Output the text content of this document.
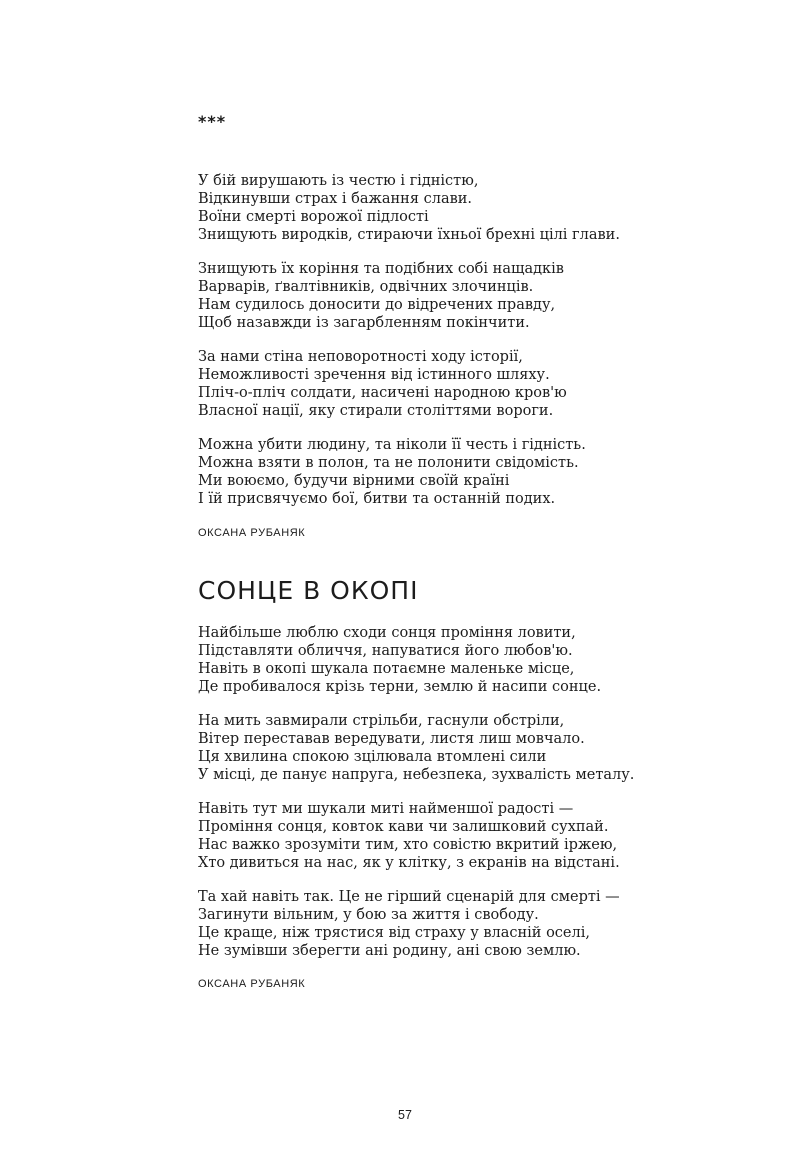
***
У бій вирушають із честю і гідністю,
Відкинувши страх і бажання слави.
Воїни смерті ворожої підлості
Знищують виродків, стираючи їхньої брехні цілі глави.
Знищують їх коріння та подібних собі нащадків
Варварів, ґвалтівників, одвічних злочинців.
Нам судилось доносити до відречених правду,
Щоб назавжди із загарбленням покінчити.
За нами стіна неповоротності ходу історії,
Неможливості зречення від істинного шляху.
Пліч-о-пліч солдати, насичені народною кров'ю
Власної нації, яку стирали століттями вороги.
Можна убити людину, та ніколи її честь і гідність.
Можна взяти в полон, та не полонити свідомість.
Ми воюємо, будучи вірними своїй країні
І їй присвячуємо бої, битви та останній подих.
ОКСАНА РУБАНЯК
СОНЦЕ В ОКОПІ
Найбільше люблю сходи сонця проміння ловити,
Підставляти обличчя, напуватися його любов'ю.
Навіть в окопі шукала потаємне маленьке місце,
Де пробивалося крізь терни, землю й насипи сонце.
На мить завмирали стрільби, гаснули обстріли,
Вітер переставав вередувати, листя лиш мовчало.
Ця хвилина спокою зцілювала втомлені сили
У місці, де панує напруга, небезпека, зухвалість металу.
Навіть тут ми шукали миті найменшої радості —
Проміння сонця, ковток кави чи залишковий сухпай.
Нас важко зрозуміти тим, хто совістю вкритий іржею,
Хто дивиться на нас, як у клітку, з екранів на відстані.
Та хай навіть так. Це не гірший сценарій для смерті —
Загинути вільним, у бою за життя і свободу.
Це краще, ніж трястися від страху у власній оселі,
Не зумівши зберегти ані родину, ані свою землю.
ОКСАНА РУБАНЯК
57
